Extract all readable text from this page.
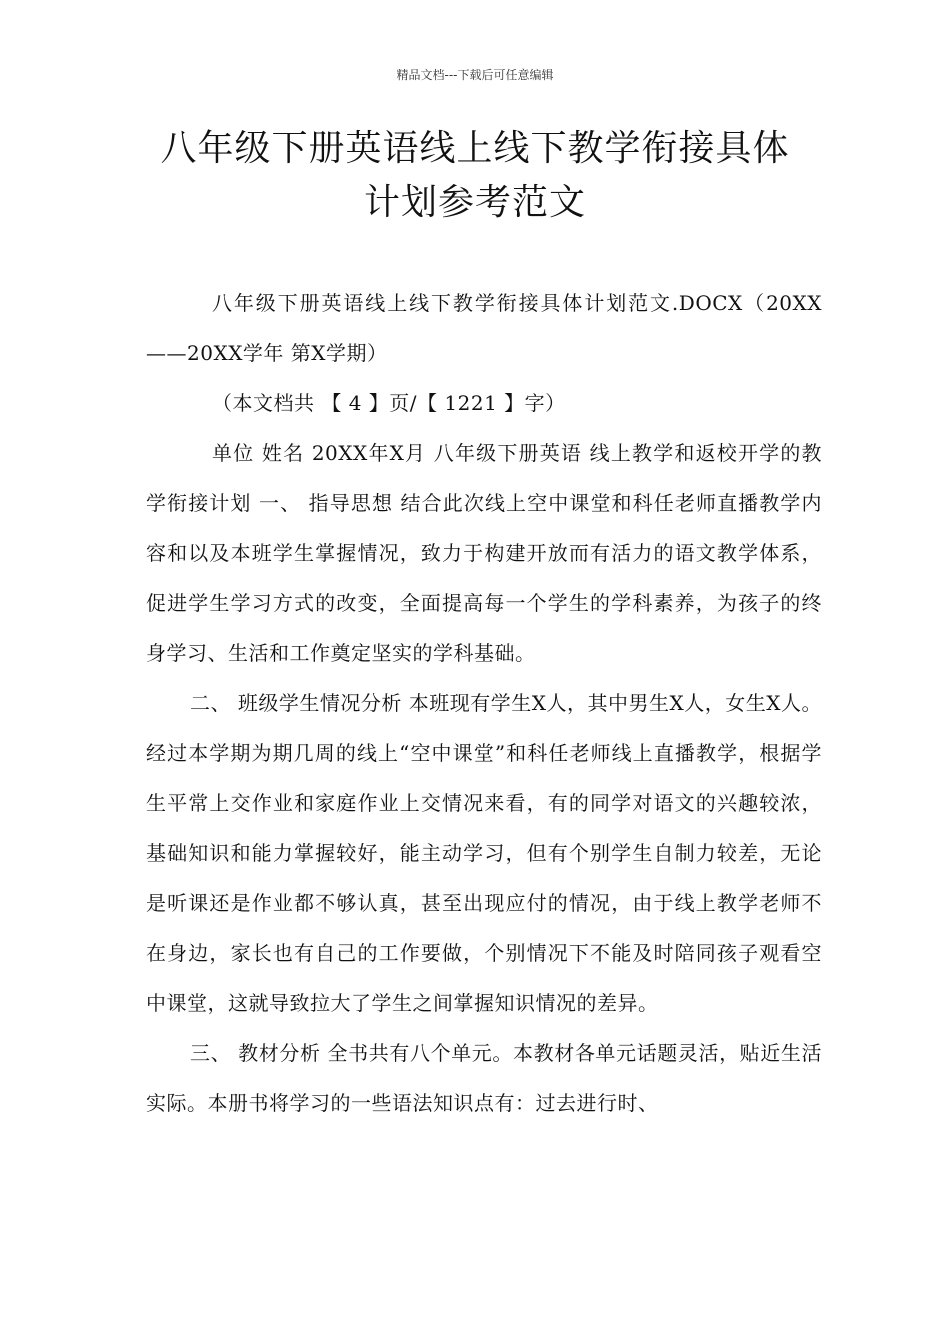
精品文档---下载后可任意编辑
八年级下册英语线上线下教学衔接具体
计划参考范文

八年级下册英语线上线下教学衔接具体计划范文.DOCX（20XX——20XX学年 第X学期）

（本文档共 【 4 】页/【 1221 】字）

单位 姓名 20XX年X月 八年级下册英语 线上教学和返校开学的教学衔接计划 一、 指导思想 结合此次线上空中课堂和科任老师直播教学内容和以及本班学生掌握情况，致力于构建开放而有活力的语文教学体系，促进学生学习方式的改变，全面提高每一个学生的学科素养，为孩子的终身学习、生活和工作奠定坚实的学科基础。

二、 班级学生情况分析 本班现有学生X人，其中男生X人，女生X人。经过本学期为期几周的线上“空中课堂”和科任老师线上直播教学，根据学生平常上交作业和家庭作业上交情况来看，有的同学对语文的兴趣较浓，基础知识和能力掌握较好，能主动学习，但有个别学生自制力较差，无论是听课还是作业都不够认真，甚至出现应付的情况，由于线上教学老师不在身边，家长也有自己的工作要做，个别情况下不能及时陪同孩子观看空中课堂，这就导致拉大了学生之间掌握知识情况的差异。

三、 教材分析 全书共有八个单元。本教材各单元话题灵活，贴近生活实际。本册书将学习的一些语法知识点有：过去进行时、
